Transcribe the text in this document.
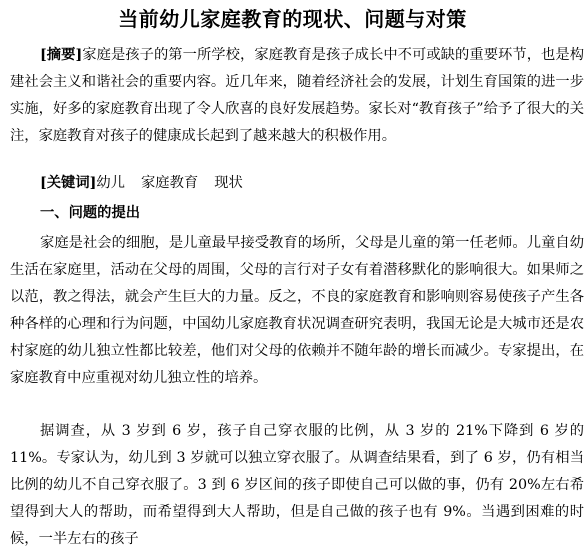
当前幼儿家庭教育的现状、问题与对策

[摘要]家庭是孩子的第一所学校，家庭教育是孩子成长中不可或缺的重要环节，也是构建社会主义和谐社会的重要内容。近几年来，随着经济社会的发展，计划生育国策的进一步实施，好多的家庭教育出现了令人欣喜的良好发展趋势。家长对“教育孩子”给予了很大的关注，家庭教育对孩子的健康成长起到了越来越大的积极作用。

[关键词]幼儿 家庭教育 现状

一、问题的提出

家庭是社会的细胞，是儿童最早接受教育的场所，父母是儿童的第一任老师。儿童自幼生活在家庭里，活动在父母的周围，父母的言行对子女有着潜移默化的影响很大。如果师之以范，教之得法，就会产生巨大的力量。反之，不良的家庭教育和影响则容易使孩子产生各种各样的心理和行为问题，中国幼儿家庭教育状况调查研究表明，我国无论是大城市还是农村家庭的幼儿独立性都比较差，他们对父母的依赖并不随年龄的增长而减少。专家提出，在家庭教育中应重视对幼儿独立性的培养。

据调查，从 3 岁到 6 岁，孩子自己穿衣服的比例，从 3 岁的 21%下降到 6 岁的 11%。专家认为，幼儿到 3 岁就可以独立穿衣服了。从调查结果看，到了 6 岁，仍有相当比例的幼儿不自己穿衣服了。3 到 6 岁区间的孩子即使自己可以做的事，仍有 20%左右希望得到大人的帮助，而希望得到大人帮助，但是自己做的孩子也有 9%。当遇到困难的时候，一半左右的孩子
